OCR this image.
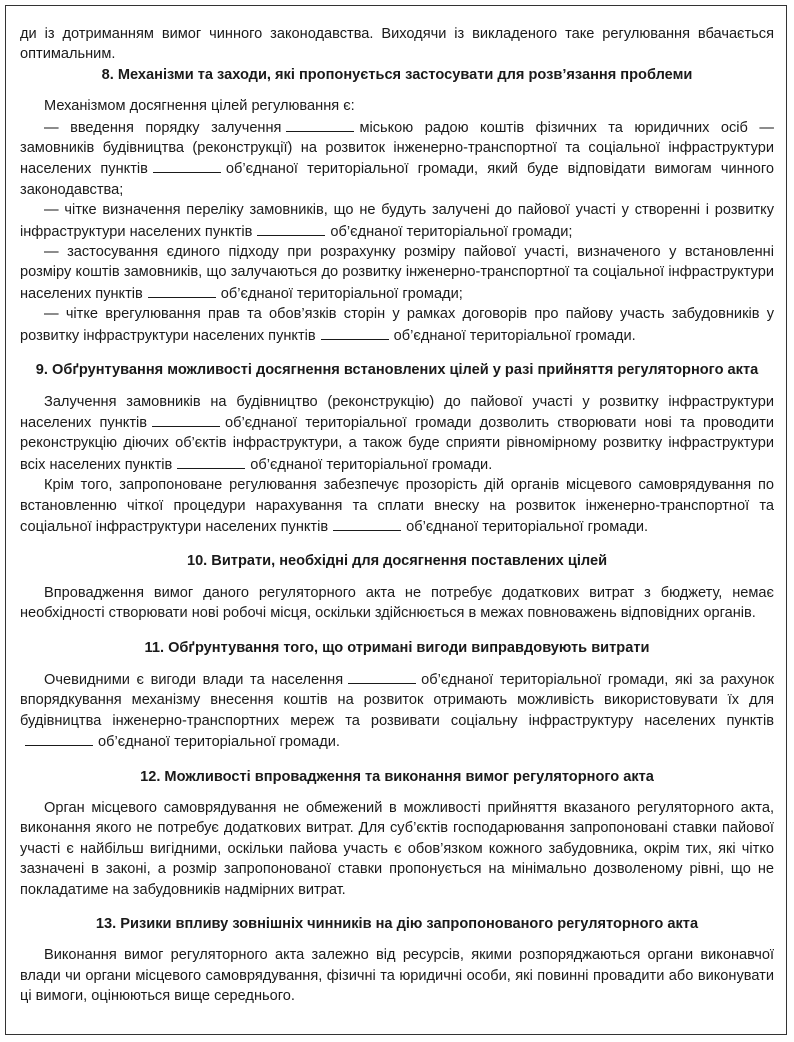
ди із дотриманням вимог чинного законодавства. Виходячи із викладеного таке регулювання вбачається оптимальним.

8. Механізми та заходи, які пропонується застосувати для розв’язання проблеми

Механізмом досягнення цілей регулювання є:

— введення порядку залучення	міською радою коштів фізичних та юридичних осіб — замовників будівництва (реконструкції) на розвиток інженерно-транспортної та соціальної інфраструктури населених пунктів	об’єднаної територіальної громади, який буде відповідати вимогам чинного законодавства;

— чітке визначення переліку замовників, що не будуть залучені до пайової участі у створенні і розвитку інфраструктури населених пунктів	об’єднаної територіальної громади;

— застосування єдиного підходу при розрахунку розміру пайової участі, визначеного у встановленні розміру коштів замовників, що залучаються до розвитку інженерно-транспортної та соціальної інфраструктури населених пунктів	об’єднаної територіальної громади;

— чітке врегулювання прав та обов’язків сторін у рамках договорів про пайову участь забудовників у розвитку інфраструктури населених пунктів	об’єднаної територіальної громади.

9. Обґрунтування можливості досягнення встановлених цілей у разі прийняття регуляторного акта

Залучення замовників на будівництво (реконструкцію) до пайової участі у розвитку інфраструктури населених пунктів	об’єднаної територіальної громади дозволить створювати нові та проводити реконструкцію діючих об’єктів інфраструктури, а також буде сприяти рівномірному розвитку інфраструктури всіх населених пунктів	об’єднаної територіальної громади.

Крім того, запропоноване регулювання забезпечує прозорість дій органів місцевого самоврядування по встановленню чіткої процедури нарахування та сплати внеску на розвиток інженерно-транспортної та соціальної інфраструктури населених пунктів	об’єднаної територіальної громади.

10. Витрати, необхідні для досягнення поставлених цілей

Впровадження вимог даного регуляторного акта не потребує додаткових витрат з бюджету, немає необхідності створювати нові робочі місця, оскільки здійснюється в межах повноважень відповідних органів.

11. Обґрунтування того, що отримані вигоди виправдовують витрати

Очевидними є вигоди влади та населення	об’єднаної територіальної громади, які за рахунок впорядкування механізму внесення коштів на розвиток отримають можливість використовувати їх для будівництва інженерно-транспортних мереж та розвивати соціальну інфраструктуру населених пунктівоб’єднаної територіальної громади.

12. Можливості впровадження та виконання вимог регуляторного акта

Орган місцевого самоврядування не обмежений в можливості прийняття вказаного регуляторного акта, виконання якого не потребує додаткових витрат. Для суб’єктів господарювання запропоновані ставки пайової участі є найбільш вигідними, оскільки пайова участь є обов’язком кожного забудовника, окрім тих, які чітко зазначені в законі, а розмір запропонованої ставки пропонується на мінімально дозволеному рівні, що не покладатиме на забудовників надмірних витрат.

13. Ризики впливу зовнішніх чинників на дію запропонованого регуляторного акта

Виконання вимог регуляторного акта залежно від ресурсів, якими розпоряджаються органи виконавчої влади чи органи місцевого самоврядування, фізичні та юридичні особи, які повинні провадити або виконувати ці вимоги, оцінюються вище середнього.
